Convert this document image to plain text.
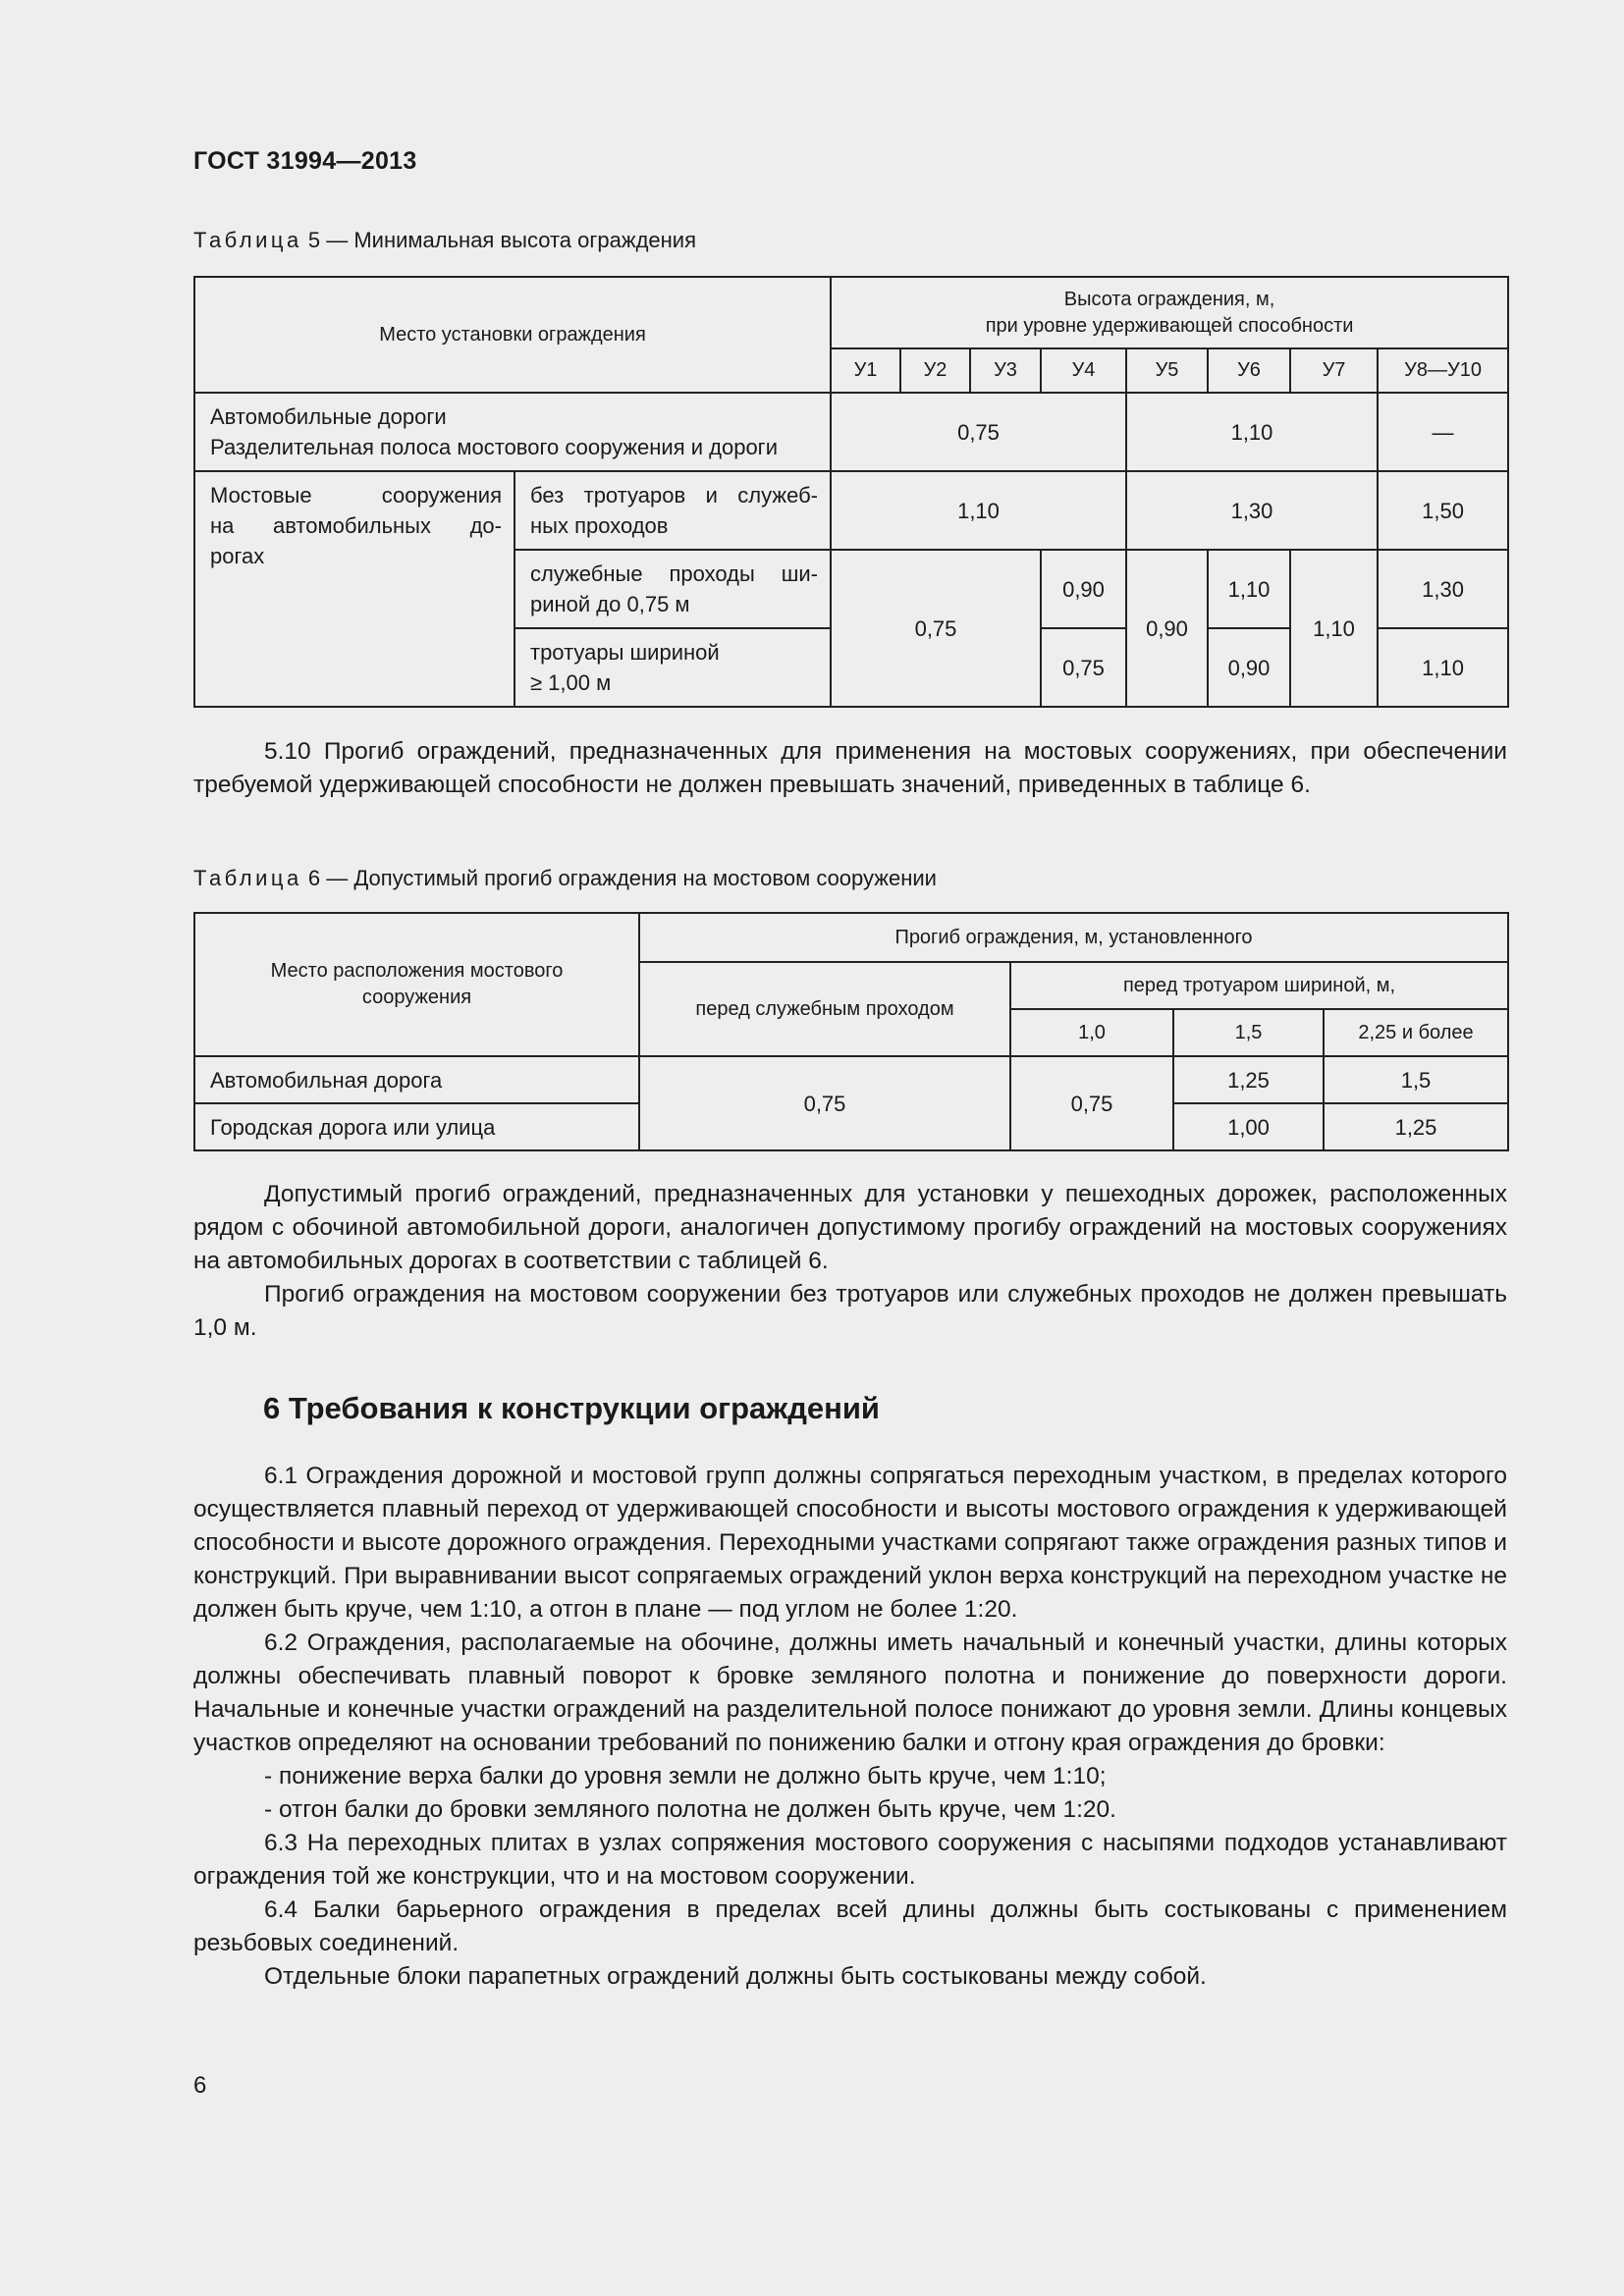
ГОСТ 31994—2013
Таблица 5 — Минимальная высота ограждения
Место установки ограждения		Высота ограждения, м,
при уровне удерживающей способности							
		У1	У2	У3	У4	У5	У6	У7	У8—У10
Автомобильные дороги
Разделительная полоса мостового сооружения и дороги		0,75				1,10			—
Мостовые сооружения
на автомобильных до-
рогах	без тротуаров и служеб-
ных проходов	1,10				1,30			1,50
	служебные проходы ши-
риной до 0,75 м	0,75			0,90	0,90	1,10	1,10	1,30
	тротуары шириной
≥ 1,00 м				0,75		0,90		1,10

5.10 Прогиб ограждений, предназначенных для применения на мостовых сооружениях, при обеспечении требуемой удерживающей способности не должен превышать значений, приведенных в таблице 6.

Таблица 6 — Допустимый прогиб ограждения на мостовом сооружении
Место расположения мостового
сооружения	Прогиб ограждения, м, установленного			
	перед служебным проходом	перед тротуаром шириной, м,		
		1,0	1,5	2,25 и более
Автомобильная дорога	0,75	0,75	1,25	1,5
Городская дорога или улица			1,00	1,25

Допустимый прогиб ограждений, предназначенных для установки у пешеходных дорожек, расположенных рядом с обочиной автомобильной дороги, аналогичен допустимому прогибу ограждений на мостовых сооружениях на автомобильных дорогах в соответствии с таблицей 6.

Прогиб ограждения на мостовом сооружении без тротуаров или служебных проходов не должен превышать 1,0 м.

6 Требования к конструкции ограждений

6.1 Ограждения дорожной и мостовой групп должны сопрягаться переходным участком, в пределах которого осуществляется плавный переход от удерживающей способности и высоты мостового ограждения к удерживающей способности и высоте дорожного ограждения. Переходными участками сопрягают также ограждения разных типов и конструкций. При выравнивании высот сопрягаемых ограждений уклон верха конструкций на переходном участке не должен быть круче, чем 1:10, а отгон в плане — под углом не более 1:20.

6.2 Ограждения, располагаемые на обочине, должны иметь начальный и конечный участки, длины которых должны обеспечивать плавный поворот к бровке земляного полотна и понижение до поверхности дороги. Начальные и конечные участки ограждений на разделительной полосе понижают до уровня земли. Длины концевых участков определяют на основании требований по понижению балки и отгону края ограждения до бровки:

- понижение верха балки до уровня земли не должно быть круче, чем 1:10;

- отгон балки до бровки земляного полотна не должен быть круче, чем 1:20.

6.3 На переходных плитах в узлах сопряжения мостового сооружения с насыпями подходов устанавливают ограждения той же конструкции, что и на мостовом сооружении.

6.4 Балки барьерного ограждения в пределах всей длины должны быть состыкованы с применением резьбовых соединений.

Отдельные блоки парапетных ограждений должны быть состыкованы между собой.

6
